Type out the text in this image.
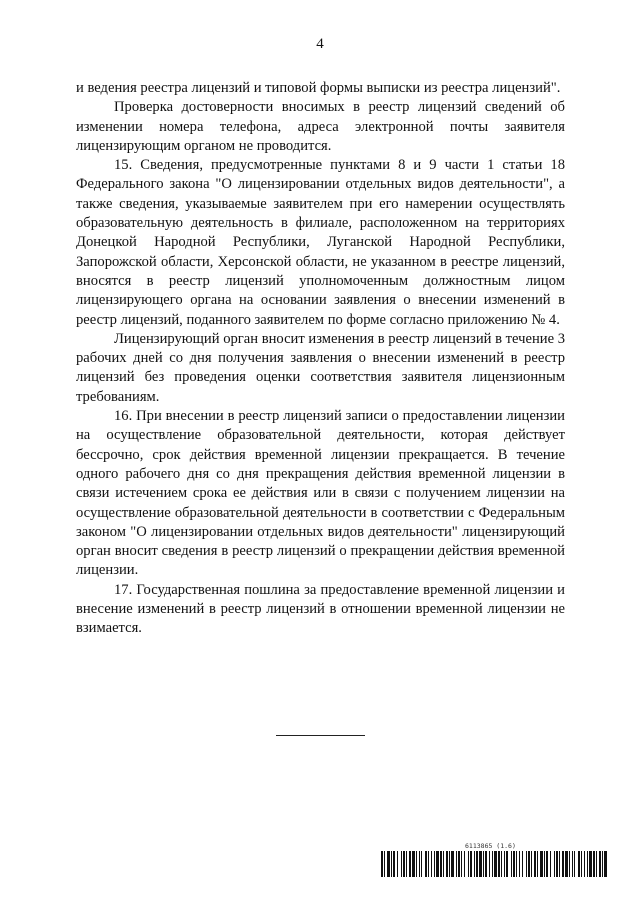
4

и ведения реестра лицензий и типовой формы выписки из реестра лицензий".

Проверка достоверности вносимых в реестр лицензий сведений об изменении номера телефона, адреса электронной почты заявителя лицензирующим органом не проводится.

15. Сведения, предусмотренные пунктами 8 и 9 части 1 статьи 18 Федерального закона "О лицензировании отдельных видов деятельности", а также сведения, указываемые заявителем при его намерении осуществлять образовательную деятельность в филиале, расположенном на территориях Донецкой Народной Республики, Луганской Народной Республики, Запорожской области, Херсонской области, не указанном в реестре лицензий, вносятся в реестр лицензий уполномоченным должностным лицом лицензирующего органа на основании заявления о внесении изменений в реестр лицензий, поданного заявителем по форме согласно приложению № 4.

Лицензирующий орган вносит изменения в реестр лицензий в течение 3 рабочих дней со дня получения заявления о внесении изменений в реестр лицензий без проведения оценки соответствия заявителя лицензионным требованиям.

16. При внесении в реестр лицензий записи о предоставлении лицензии на осуществление образовательной деятельности, которая действует бессрочно, срок действия временной лицензии прекращается. В течение одного рабочего дня со дня прекращения действия временной лицензии в связи истечением срока ее действия или в связи с получением лицензии на осуществление образовательной деятельности в соответствии с Федеральным законом "О лицензировании отдельных видов деятельности" лицензирующий орган вносит сведения в реестр лицензий о прекращении действия временной лицензии.

17. Государственная пошлина за предоставление временной лицензии и внесение изменений в реестр лицензий в отношении временной лицензии не взимается.

6113865 (1.6)
